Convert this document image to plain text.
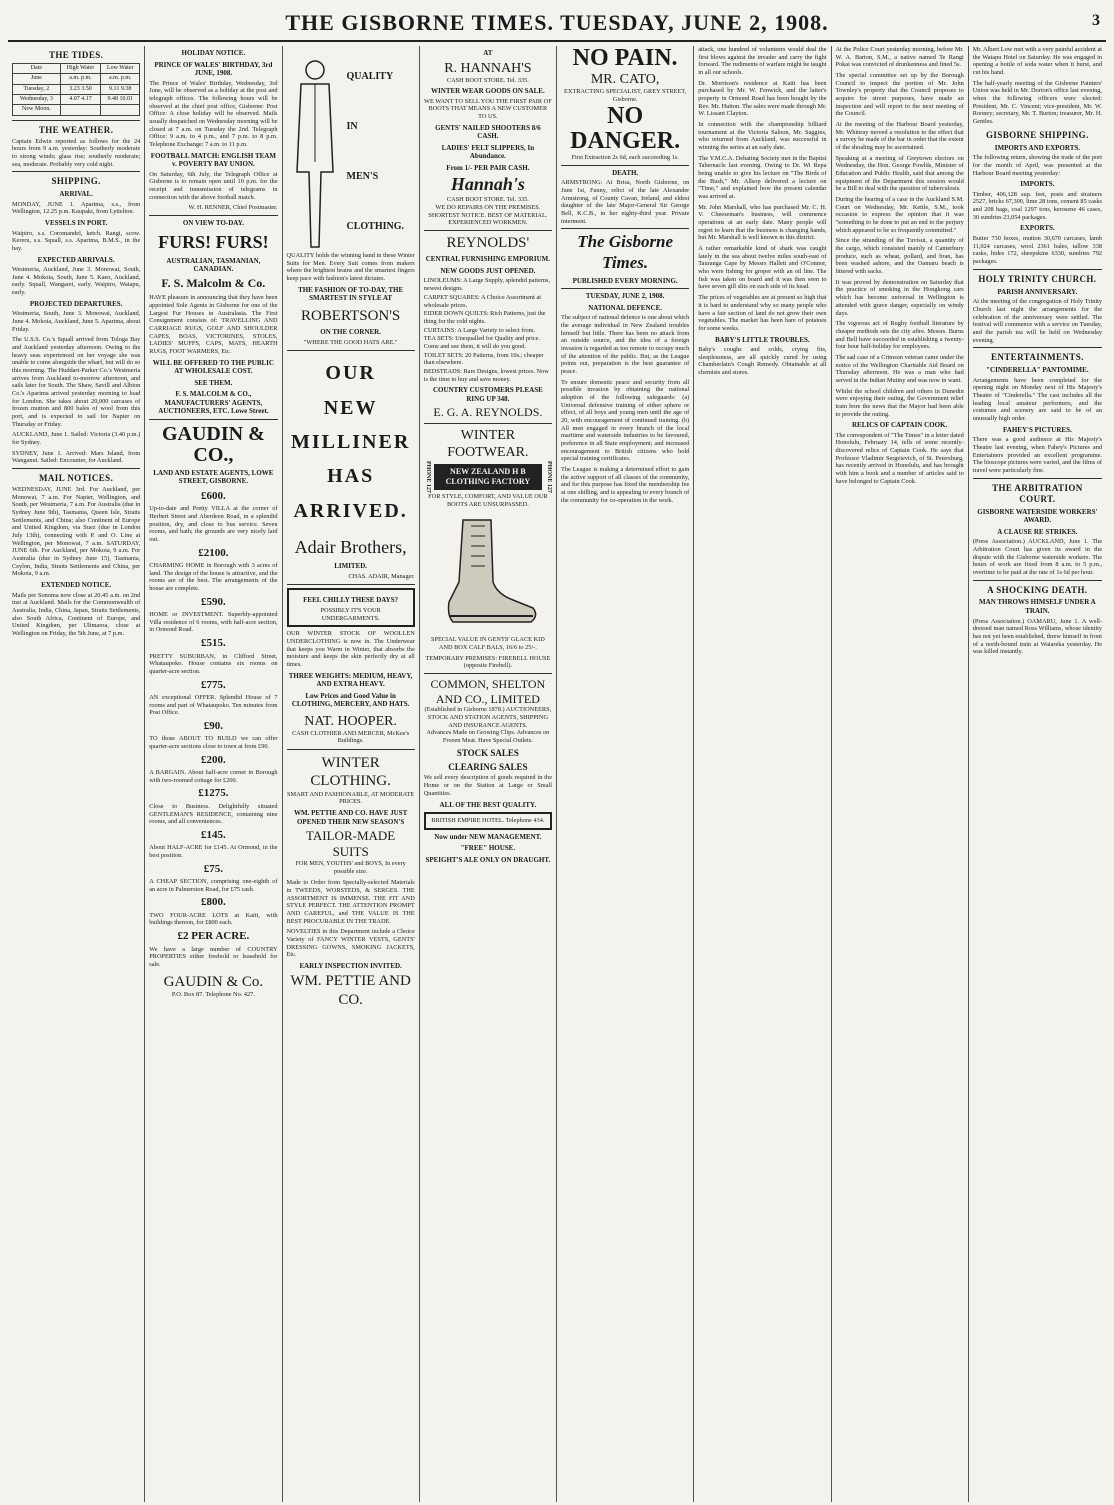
THE GISBORNE TIMES. TUESDAY, JUNE 2, 1908.	3
THE TIDES.
Date	High Water	Low Water
June	a.m. p.m.	a.m. p.m.
Tuesday, 2	3.23 3.50	9.11 9.38
Wednesday, 3	4.07 4.17	9.48 10.01
New Moon.		
THE WEATHER.

Captain Edwin reported as follows for the 24 hours from 9 a.m. yesterday: Southerly moderate to strong winds; glass rise; southerly moderate; sea, moderate. Probably very cold night.

SHIPPING.
ARRIVAL.

MONDAY, JUNE 1. Aparima, s.s., from Wellington, 12.25 p.m. Kaupaki, from Lyttelton.

VESSELS IN PORT.

Waipiro, s.s. Coromandel, ketch. Rangi, scow. Kereru, s.s. Squall, s.s. Aparima, B.M.S., in the bay.

EXPECTED ARRIVALS.

Westmeria, Auckland, June 3. Monowai, South, June 4. Mokoia, South, June 5. Kaeo, Auckland, early. Squall, Wangarei, early. Waipiro, Waiapu, early.

PROJECTED DEPARTURES.

Westmeria, South, June 3. Monowai, Auckland, June 4. Mokoia, Auckland, June 5. Aparima, about Friday.

The U.S.S. Co.'s Squall arrived from Tologa Bay and Auckland yesterday afternoon. Owing to the heavy seas experienced on her voyage she was unable to come alongside the wharf, but will do so this morning. The Huddart-Parker Co.'s Westmeria arrives from Auckland to-morrow afternoon, and sails later for South. The Shaw, Savill and Albion Co.'s Aparima arrived yesterday morning to load for London. She takes about 20,000 carcases of frozen mutton and 800 bales of wool from this port, and is expected to sail for Napier on Thursday or Friday.

AUCKLAND, June 1. Sailed: Victoria (3.40 p.m.) for Sydney.

SYDNEY, June 1. Arrived: Mars Island, from Wanganui. Sailed: Encounter, for Auckland.

MAIL NOTICES.

WEDNESDAY, JUNE 3rd. For Auckland, per Monowai, 7 a.m. For Napier, Wellington, and South, per Westmeria, 7 a.m. For Australia (due in Sydney June 9th), Tasmania, Queen Isle, Straits Settlements, and China; also Continent of Europe and United Kingdom, via Suez (due in London July 13th), connecting with P. and O. Line at Wellington, per Monowai, 7 a.m. SATURDAY, JUNE 6th. For Auckland, per Mokoia, 9 a.m. For Australia (due in Sydney June 15), Tasmania, Ceylon, India, Straits Settlements and China, per Mokoia, 9 a.m.

EXTENDED NOTICE.

Mails per Sonoma now close at 20.45 a.m. on 2nd inst at Auckland. Mails for the Commonwealth of Australia, India, China, Japan, Straits Settlements, also South Africa, Continent of Europe, and United Kingdom, per Ulimaroa, close at Wellington on Friday, the 5th June, at 7 p.m.

HOLIDAY NOTICE.
PRINCE OF WALES' BIRTHDAY, 3rd JUNE, 1908.

The Prince of Wales' Birthday, Wednesday, 3rd June, will be observed as a holiday at the post and telegraph offices. The following hours will be observed at the chief post office, Gisborne: Post Office: A close holiday will be observed. Mails usually despatched on Wednesday morning will be closed at 7 a.m. on Tuesday the 2nd. Telegraph Office: 9 a.m. to 4 p.m., and 7 p.m. to 8 p.m. Telephone Exchange: 7 a.m. to 11 p.m.

FOOTBALL MATCH: ENGLISH TEAM v. POVERTY BAY UNION.

On Saturday, 6th July, the Telegraph Office at Gisborne is to remain open until 10 p.m. for the receipt and transmission of telegrams in connection with the above football match.

W. H. RENNER, Chief Postmaster.

ON VIEW TO-DAY.
FURS! FURS!
AUSTRALIAN, TASMANIAN, CANADIAN.
F. S. Malcolm & Co.

HAVE pleasure in announcing that they have been appointed Sole Agents in Gisborne for one of the Largest Fur Houses in Australasia. The First Consignment consists of: TRAVELLING AND CARRIAGE RUGS, GOLF AND SHOULDER CAPES, BOAS, VICTORINES, STOLES, LADIES' MUFFS, CAPS, MATS, HEARTH RUGS, FOOT WARMERS, Etc.

WILL BE OFFERED TO THE PUBLIC AT WHOLESALE COST.
SEE THEM.
F. S. MALCOLM & CO., MANUFACTURERS' AGENTS, AUCTIONEERS, ETC. Lowe Street.
GAUDIN & CO.,
LAND AND ESTATE AGENTS, LOWE STREET, GISBORNE.
£600.

Up-to-date and Pretty VILLA at the corner of Herbert Street and Aberdeen Road, in a splendid position, dry, and close to bus service. Seven rooms, and bath; the grounds are very nicely laid out.

£2100.

CHARMING HOME in Borough with 3 acres of land. The design of the house is attractive, and the rooms are of the best. The arrangements of the house are complete.

£590.

HOME or INVESTMENT. Superbly-appointed Villa residence of 6 rooms, with half-acre section, in Ormond Road.

£515.

PRETTY SUBURBAN, in Clifford Street, Whataupoko. House contains six rooms on quarter-acre section.

£775.

AN exceptional OFFER. Splendid House of 7 rooms and part of Whataupoko. Ten minutes from Post Office.

£90.

TO those ABOUT TO BUILD we can offer quarter-acre sections close to town at from £90.

£200.

A BARGAIN. About half-acre corner in Borough with two-roomed cottage for £200.

£1275.

Close to Business. Delightfully situated GENTLEMAN'S RESIDENCE, containing nine rooms, and all conveniences.

£145.

About HALF-ACRE for £145. At Ormond, in the best position.

£75.

A CHEAP SECTION, comprising one-eighth of an acre in Palmerston Road, for £75 cash.

£800.

TWO FOUR-ACRE LOTS at Kaiti, with buildings thereon, for £800 each.

£2 PER ACRE.

We have a large number of COUNTRY PROPERTIES either freehold or leasehold for sale.

GAUDIN & Co.
P.O. Box 87. Telephone No. 427.
QUALITY
IN
MEN'S
CLOTHING.

QUALITY holds the winning hand in these Winter Suits for Men. Every Suit comes from makers where the brightest brains and the smartest fingers keep pace with fashion's latest dictates.

THE FASHION OF TO-DAY, THE SMARTEST IN STYLE AT
ROBERTSON'S
ON THE CORNER.
"WHERE THE GOOD HATS ARE."
OUR
NEW
MILLINER
HAS
ARRIVED.
Adair Brothers,
LIMITED.
CHAS. ADAIR, Manager.
FEEL CHILLY THESE DAYS?
POSSIBLY IT'S YOUR UNDERGARMENTS.

OUR WINTER STOCK OF WOOLLEN UNDERCLOTHING is now in. The Underwear that keeps you Warm in Winter, that absorbs the moisture and keeps the skin perfectly dry at all times.

THREE WEIGHTS: MEDIUM, HEAVY, AND EXTRA HEAVY.
Low Prices and Good Value in CLOTHING, MERCERY, AND HATS.
NAT. HOOPER.
CASH CLOTHIER AND MERCER, McKee's Buildings.
WINTER CLOTHING.
SMART AND FASHIONABLE, AT MODERATE PRICES.
WM. PETTIE AND CO. HAVE JUST OPENED THEIR NEW SEASON'S
TAILOR-MADE SUITS
FOR MEN, YOUTHS' and BOYS, In every possible size.

Made to Order from Specially-selected Materials in TWEEDS, WORSTEDS, & SERGES. THE ASSORTMENT IS IMMENSE. THE FIT AND STYLE PERFECT. THE ATTENTION PROMPT AND CAREFUL, and THE VALUE IS THE BEST PROCURABLE IN THE TRADE.

NOVELTIES in this Department include a Choice Variety of FANCY WINTER VESTS, GENTS' DRESSING GOWNS, SMOKING JACKETS, Etc.

EARLY INSPECTION INVITED.
WM. PETTIE AND CO.
AT
R. HANNAH'S
CASH BOOT STORE. Tel. 335.
WINTER WEAR GOODS ON SALE.

WE WANT TO SELL YOU THE FIRST PAIR OF BOOTS THAT MEANS A NEW CUSTOMER TO US.

GENTS' NAILED SHOOTERS 8/6 CASH.
LADIES' FELT SLIPPERS, In Abundance.
From 1/- PER PAIR CASH.
Hannah's
CASH BOOT STORE. Tel. 335.

WE DO REPAIRS ON THE PREMISES. SHORTEST NOTICE. BEST OF MATERIAL. EXPERIENCED WORKMEN.

REYNOLDS'
CENTRAL FURNISHING EMPORIUM.
NEW GOODS JUST OPENED.
LINOLEUMS: A Large Supply, splendid patterns, newest designs.
CARPET SQUARES: A Choice Assortment at wholesale prices.
EIDER DOWN QUILTS: Rich Patterns, just the thing for the cold nights.
CURTAINS: A Large Variety to select from.
TEA SETS: Unequalled for Quality and price. Come and see them, it will do you good.
TOILET SETS: 20 Patterns, from 10s.; cheaper than elsewhere.
BEDSTEADS: Rare Designs, lowest prices. Now is the time to buy and save money.
COUNTRY CUSTOMERS PLEASE RING UP 348.
E. G. A. REYNOLDS.
WINTER FOOTWEAR.
PHONE 127	NEW ZEALAND H B CLOTHING FACTORY	PHONE 127

FOR STYLE, COMFORT, AND VALUE OUR BOOTS ARE UNSURPASSED.

SPECIAL VALUE IN GENTS' GLACE KID AND BOX CALF BALS, 16/6 to 25/-.

TEMPORARY PREMISES: FIREBELL HOUSE (opposite Firebell).

COMMON, SHELTON AND CO., LIMITED
(Established in Gisborne 1878.) AUCTIONEERS, STOCK AND STATION AGENTS, SHIPPING AND INSURANCE AGENTS.

Advances Made on Growing Clips. Advances on Frozen Meat. Have Special Outlets.

STOCK SALES
CLEARING SALES

We sell every description of goods required in the Home or on the Station at Large or Small Quantities.

ALL OF THE BEST QUALITY.
BRITISH EMPIRE HOTEL. Telephone 434.
Now under NEW MANAGEMENT.
"FREE" HOUSE.
SPEIGHT'S ALE ONLY ON DRAUGHT.
NO PAIN.
MR. CATO,
EXTRACTING SPECIALIST, GREY STREET, Gisborne.
NO DANGER.

First Extraction 2s 6d, each succeeding 1s.

DEATH.

ARMSTRONG: At Brisa, North Gisborne, on June 1st, Fanny, relict of the late Alexander Armstrong, of County Cavan, Ireland, and eldest daughter of the late Major-General Sir George Bell, K.C.B., in her eighty-third year. Private interment.

The Gisborne Times.
PUBLISHED EVERY MORNING.
TUESDAY, JUNE 2, 1908.
NATIONAL DEFENCE.

The subject of national defence is one about which the average individual in New Zealand troubles himself but little. There has been no attack from an outside source, and the idea of a foreign invasion is regarded as too remote to occupy much of the attention of the public. But, as the League points out, preparation is the best guarantee of peace.

To ensure domestic peace and security from all possible invasion by obtaining the national adoption of the following safeguards: (a) Universal defensive training of either sphere or effect, of all boys and young men until the age of 20, with encouragement of continued training. (b) All men engaged in every branch of the local maritime and waterside industries to be favoured, preference in all State employment; and increased encouragement to British citizens who hold special training certificates.

The League is making a determined effort to gain the active support of all classes of the community, and for this purpose has fixed the membership fee at one shilling, and is appealing to every branch of the community for co-operation in the work.

attack, one hundred of volunteers would deal the first blows against the invader and carry the fight forward. The rudiments of warfare might be taught in all our schools.

Dr. Morrison's residence at Kaiti has been purchased by Mr. W. Fenwick, and the latter's property in Ormond Road has been bought by the Rev. Mr. Hutton. The sales were made through Mr. W. Lissant Clayton.

In connection with the championship billiard tournament at the Victoria Saloon, Mr. Saggins, who returned from Auckland, was successful in winning the series at an early date.

The Y.M.C.A. Debating Society met in the Baptist Tabernacle last evening. Owing to Dr. Wi Repa being unable to give his lecture on "The Birds of the Bush," Mr. Allsop delivered a lecture on "Time," and explained how the present calendar was arrived at.

Mr. John Marshall, who has purchased Mr. C. H. V. Cheeseman's business, will commence operations at an early date. Many people will regret to learn that the business is changing hands, but Mr. Marshall is well known in this district.

A rather remarkable kind of shark was caught lately in the sea about twelve miles south-east of Tauranga Cape by Messrs Hallett and O'Connor, who were fishing for groper with an oil line. The fish was taken on board and it was then seen to have seven gill slits on each side of its head.

The prices of vegetables are at present so high that it is hard to understand why so many people who have a fair section of land do not grow their own vegetables. The market has been bare of potatoes for some weeks.

BABY'S LITTLE TROUBLES.

Baby's coughs and colds, crying fits, sleeplessness, are all quickly cured by using Chamberlain's Cough Remedy. Obtainable at all chemists and stores.

At the Police Court yesterday morning, before Mr. W. A. Barton, S.M., a native named Te Rangi Pokai was convicted of drunkenness and fined 5s.

The special committee set up by the Borough Council to inspect the portion of Mr. John Townley's property that the Council proposes to acquire for street purposes, have made an inspection and will report to the next meeting of the Council.

At the meeting of the Harbour Board yesterday, Mr. Whinray moved a resolution to the effect that a survey be made of the bar in order that the extent of the shoaling may be ascertained.

Speaking at a meeting of Greytown electors on Wednesday, the Hon. George Fowlds, Minister of Education and Public Health, said that among the equipment of the Department this session would be a Bill to deal with the question of tuberculosis.

During the hearing of a case in the Auckland S.M. Court on Wednesday, Mr. Kettle, S.M., took occasion to express the opinion that it was "something to be done to put an end to the perjury which appeared to be so frequently committed."

Since the stranding of the Tuvisui, a quantity of the cargo, which consisted mainly of Canterbury produce, such as wheat, pollard, and bran, has been washed ashore, and the Oamaru beach is littered with sacks.

It was proved by demonstration on Saturday that the practice of smoking in the Hongkong cars which has become universal in Wellington is attended with grave danger, especially on windy days.

The vigorous act of Rugby football literature by cheaper methods sets the city afire. Messrs. Burns and Bell have succeeded in establishing a twenty-four hour half-holiday for employees.

The sad case of a Crimson veteran came under the notice of the Wellington Charitable Aid Board on Thursday afternoon. He was a man who had served in the Indian Mutiny and was now in want.

Whilst the school children and others in Dunedin were enjoying their outing, the Government relief train bore the news that the Mayor had been able to provide the outing.

RELICS OF CAPTAIN COOK.

The correspondent of "The Times" in a letter dated Honolulu, February 14, tells of some recently-discovered relics of Captain Cook. He says that Professor Vladimir Sergeievich, of St. Petersburg, has recently arrived in Honolulu, and has brought with him a book and a number of articles said to have belonged to Captain Cook.

Mr. Albert Low met with a very painful accident at the Waiapu Hotel on Saturday. He was engaged in opening a bottle of soda water when it burst, and cut his hand.

The half-yearly meeting of the Gisborne Painters' Union was held in Mr. Dorton's office last evening, when the following officers were elected: President, Mr. C. Vincent; vice-president, Mr. W. Rooney; secretary, Mr. T. Burton; treasurer, Mr. H. Gentles.

GISBORNE SHIPPING.
IMPORTS AND EXPORTS.

The following return, showing the trade of the port for the month of April, was presented at the Harbour Board meeting yesterday:

IMPORTS.

Timber, 406,128 sup. feet, posts and strainers 2527, bricks 67,300, lime 28 tons, cement 85 casks and 208 bags, coal 1297 tons, kerosene 46 cases, 30 sundries 23,054 packages.

EXPORTS.

Butter 730 boxes, mutton 30,670 carcases, lamb 11,024 carcases, wool 2361 bales, tallow 338 casks, hides 172, sheepskins 6330, sundries 792 packages.

HOLY TRINITY CHURCH.
PARISH ANNIVERSARY.

At the meeting of the congregation of Holy Trinity Church last night the arrangements for the celebration of the anniversary were settled. The festival will commence with a service on Tuesday, and the parish tea will be held on Wednesday evening.

ENTERTAINMENTS.
"CINDERELLA" PANTOMIME.

Arrangements have been completed for the opening night on Monday next of His Majesty's Theatre of "Cinderella." The cast includes all the leading local amateur performers, and the costumes and scenery are said to be of an unusually high order.

FAHEY'S PICTURES.

There was a good audience at His Majesty's Theatre last evening, when Fahey's Pictures and Entertainers provided an excellent programme. The bioscope pictures were varied, and the films of travel were particularly fine.

THE ARBITRATION COURT.
GISBORNE WATERSIDE WORKERS' AWARD.
A CLAUSE RE STRIKES.

(Press Association.) AUCKLAND, June 1. The Arbitration Court has given its award in the dispute with the Gisborne waterside workers. The hours of work are fixed from 8 a.m. to 5 p.m., overtime to be paid at the rate of 1s 6d per hour.

A SHOCKING DEATH.
MAN THROWS HIMSELF UNDER A TRAIN.

(Press Association.) OAMARU, June 1. A well-dressed man named Ross Williams, whose identity has not yet been established, threw himself in front of a north-bound train at Waiareka yesterday. He was killed instantly.
